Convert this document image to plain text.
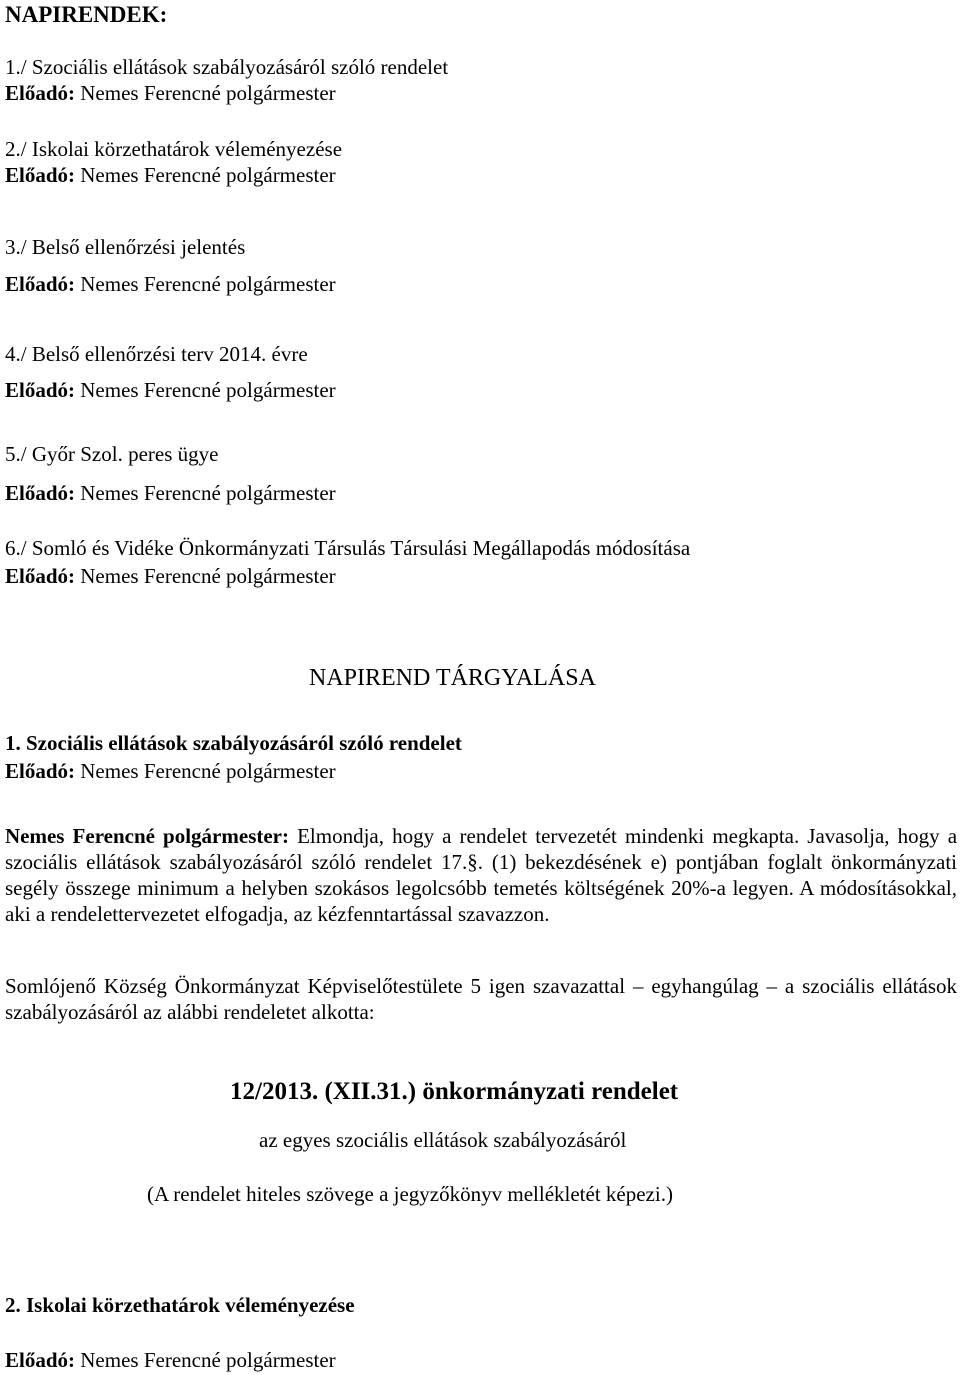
NAPIRENDEK:
1./ Szociális ellátások szabályozásáról szóló rendelet
Előadó: Nemes Ferencné polgármester
2./ Iskolai körzethatárok véleményezése
Előadó: Nemes Ferencné polgármester
3./ Belső ellenőrzési jelentés
Előadó: Nemes Ferencné polgármester
4./ Belső ellenőrzési terv 2014. évre
Előadó: Nemes Ferencné polgármester
5./ Győr Szol. peres ügye
Előadó: Nemes Ferencné polgármester
6./ Somló és Vidéke Önkormányzati Társulás Társulási Megállapodás módosítása
Előadó: Nemes Ferencné polgármester
NAPIREND TÁRGYALÁSA
1. Szociális ellátások szabályozásáról szóló rendelet
Előadó: Nemes Ferencné polgármester
Nemes Ferencné polgármester: Elmondja, hogy a rendelet tervezetét mindenki megkapta. Javasolja, hogy a szociális ellátások szabályozásáról szóló rendelet 17.§. (1) bekezdésének e) pontjában foglalt önkormányzati segély összege minimum a helyben szokásos legolcsóbb temetés költségének 20%-a legyen. A módosításokkal, aki a rendelettervezetet elfogadja, az kézfenntartással szavazzon.
Somlójenő Község Önkormányzat Képviselőtestülete 5 igen szavazattal – egyhangúlag – a szociális ellátások szabályozásáról az alábbi rendeletet alkotta:
12/2013. (XII.31.) önkormányzati rendelet
az egyes szociális ellátások szabályozásáról
(A rendelet hiteles szövege a jegyzőkönyv mellékletét képezi.)
2. Iskolai körzethatárok véleményezése
Előadó: Nemes Ferencné polgármester
